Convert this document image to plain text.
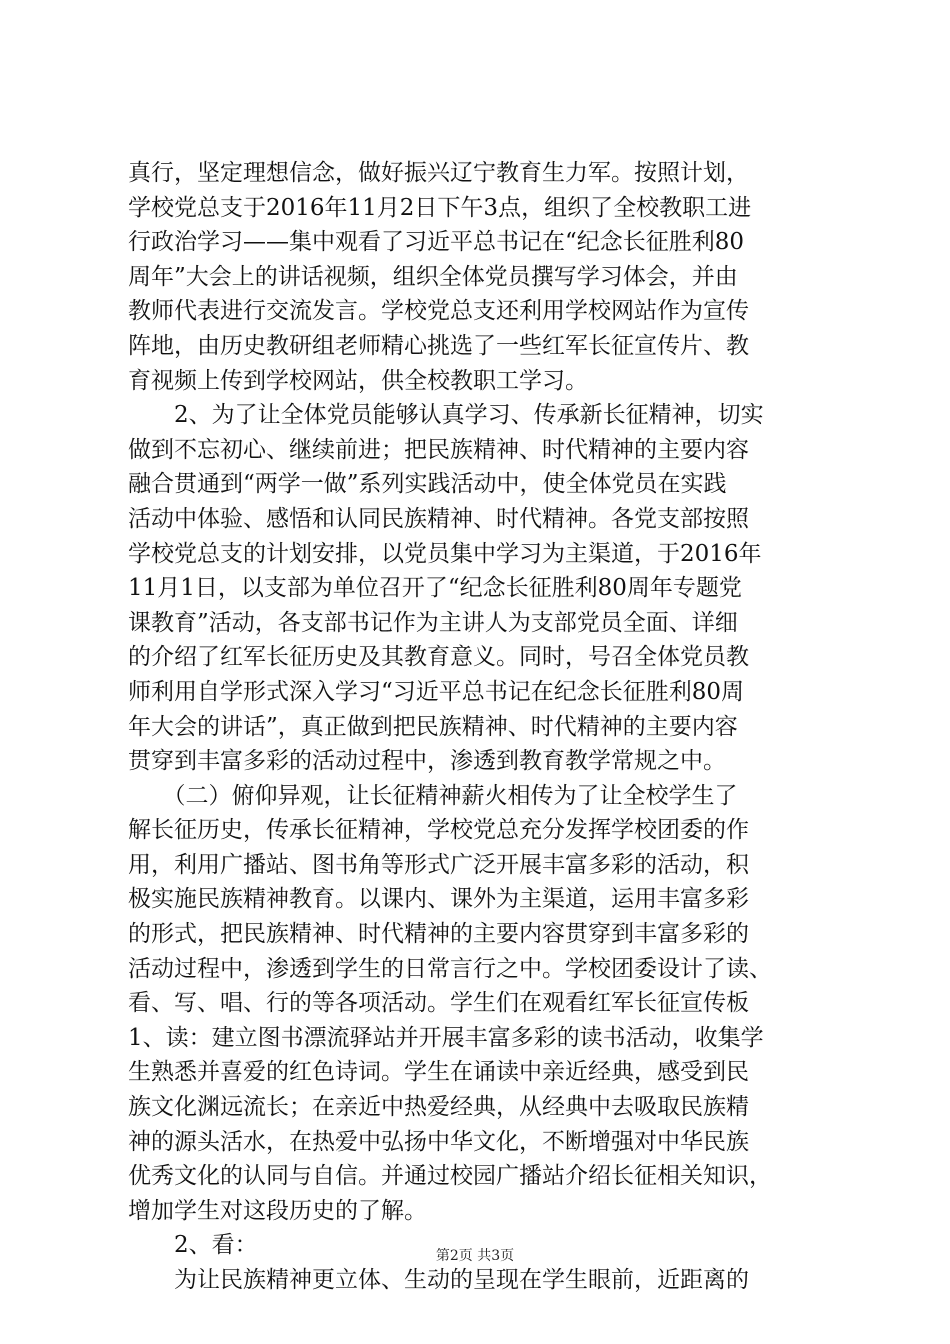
真行，坚定理想信念，做好振兴辽宁教育生力军。按照计划，
学校党总支于2016年11月2日下午3点，组织了全校教职工进
行政治学习——集中观看了习近平总书记在“纪念长征胜利80
周年”大会上的讲话视频，组织全体党员撰写学习体会，并由
教师代表进行交流发言。学校党总支还利用学校网站作为宣传
阵地，由历史教研组老师精心挑选了一些红军长征宣传片、教
育视频上传到学校网站，供全校教职工学习。
　　2、为了让全体党员能够认真学习、传承新长征精神，切实
做到不忘初心、继续前进；把民族精神、时代精神的主要内容
融合贯通到“两学一做”系列实践活动中，使全体党员在实践
活动中体验、感悟和认同民族精神、时代精神。各党支部按照
学校党总支的计划安排，以党员集中学习为主渠道，于2016年
11月1日，以支部为单位召开了“纪念长征胜利80周年专题党
课教育”活动，各支部书记作为主讲人为支部党员全面、详细
的介绍了红军长征历史及其教育意义。同时，号召全体党员教
师利用自学形式深入学习“习近平总书记在纪念长征胜利80周
年大会的讲话”，真正做到把民族精神、时代精神的主要内容
贯穿到丰富多彩的活动过程中，渗透到教育教学常规之中。
　　（二）俯仰异观，让长征精神薪火相传为了让全校学生了
解长征历史，传承长征精神，学校党总充分发挥学校团委的作
用，利用广播站、图书角等形式广泛开展丰富多彩的活动，积
极实施民族精神教育。以课内、课外为主渠道，运用丰富多彩
的形式，把民族精神、时代精神的主要内容贯穿到丰富多彩的
活动过程中，渗透到学生的日常言行之中。学校团委设计了读、
看、写、唱、行的等各项活动。学生们在观看红军长征宣传板
1、读：建立图书漂流驿站并开展丰富多彩的读书活动，收集学
生熟悉并喜爱的红色诗词。学生在诵读中亲近经典，感受到民
族文化渊远流长；在亲近中热爱经典，从经典中去吸取民族精
神的源头活水，在热爱中弘扬中华文化，不断增强对中华民族
优秀文化的认同与自信。并通过校园广播站介绍长征相关知识，
增加学生对这段历史的了解。
　　2、看：
　　为让民族精神更立体、生动的呈现在学生眼前，近距离的
第2页 共3页
